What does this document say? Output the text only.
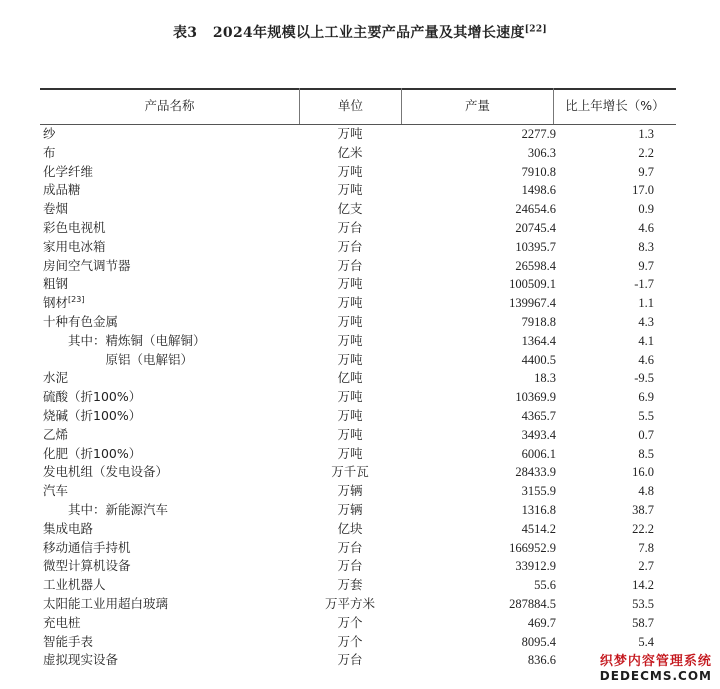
表3 2024年规模以上工业主要产品产量及其增长速度[22]
产品名称	单位	产量	比上年增长（%）
纱	万吨	2277.9	1.3
布	亿米	306.3	2.2
化学纤维	万吨	7910.8	9.7
成品糖	万吨	1498.6	17.0
卷烟	亿支	24654.6	0.9
彩色电视机	万台	20745.4	4.6
家用电冰箱	万台	10395.7	8.3
房间空气调节器	万台	26598.4	9.7
粗钢	万吨	100509.1	-1.7
钢材[23]	万吨	139967.4	1.1
十种有色金属	万吨	7918.8	4.3
　　其中：精炼铜（电解铜）	万吨	1364.4	4.1
　　　　　原铝（电解铝）	万吨	4400.5	4.6
水泥	亿吨	18.3	-9.5
硫酸（折100%）	万吨	10369.9	6.9
烧碱（折100%）	万吨	4365.7	5.5
乙烯	万吨	3493.4	0.7
化肥（折100%）	万吨	6006.1	8.5
发电机组（发电设备）	万千瓦	28433.9	16.0
汽车	万辆	3155.9	4.8
　　其中：新能源汽车	万辆	1316.8	38.7
集成电路	亿块	4514.2	22.2
移动通信手持机	万台	166952.9	7.8
微型计算机设备	万台	33912.9	2.7
工业机器人	万套	55.6	14.2
太阳能工业用超白玻璃	万平方米	287884.5	53.5
充电桩	万个	469.7	58.7
智能手表	万个	8095.4	5.4
虚拟现实设备	万台	836.6	织梦内容管理系统
DEDECMS.COM
